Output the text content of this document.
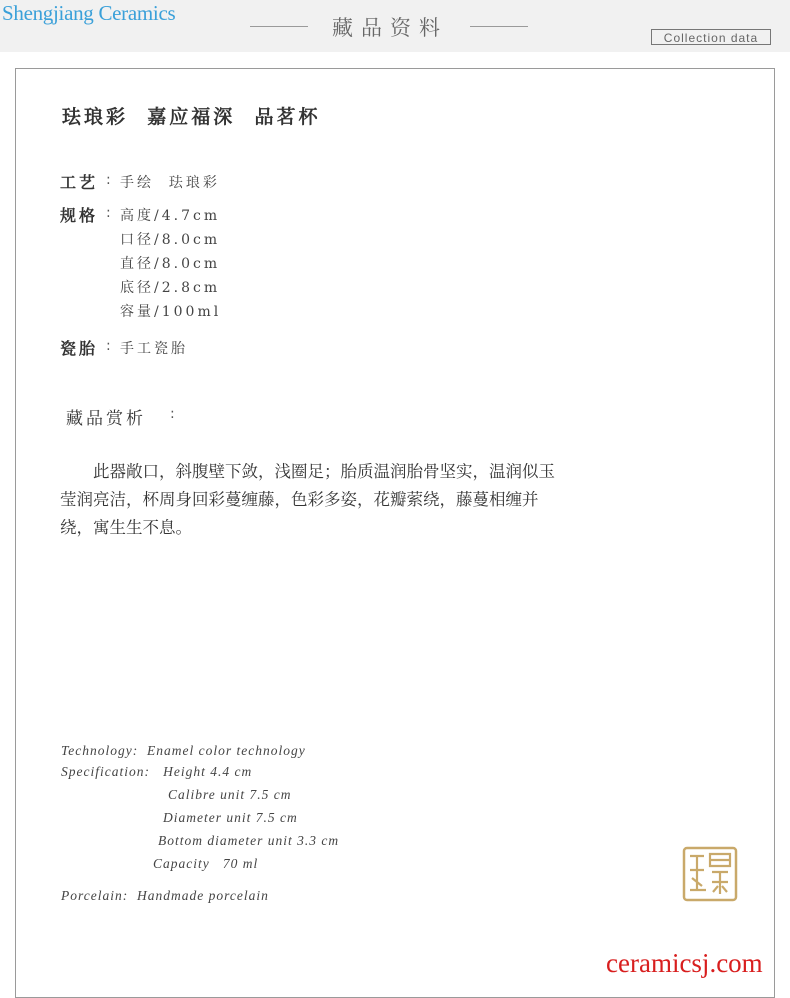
Shengjiang Ceramics
藏品资料	Collection data
珐琅彩  嘉应福深  品茗杯
工艺 : 手绘  珐琅彩
规格 : 高度/4.7cm
口径/8.0cm
直径/8.0cm
底径/2.8cm
容量/100ml
瓷胎 : 手工瓷胎
藏品赏析 :

此器敞口，斜腹壁下敛，浅圈足；胎质温润胎骨坚实，温润似玉莹润亮洁，杯周身回彩蔓缠藤，色彩多姿，花瓣萦绕，藤蔓相缠并绕，寓生生不息。

Technology:  Enamel color technology
Specification:   Height 4.4 cm
Calibre unit 7.5 cm
Diameter unit 7.5 cm
Bottom diameter unit 3.3 cm
Capacity   70 ml
Porcelain:  Handmade porcelain
ceramicsj.com
